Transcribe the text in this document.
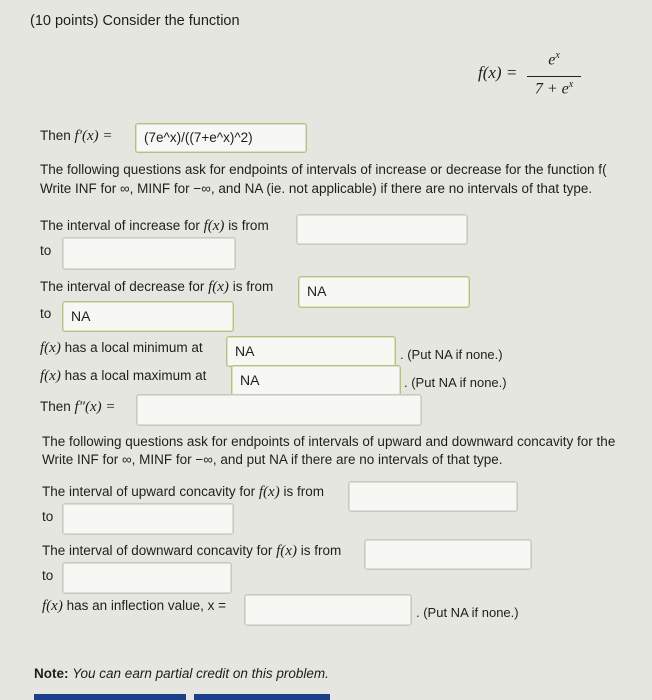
(10 points) Consider the function
f(x) =
$e^x$
$7 + e^x$
Then f′(x) =	(7e^x)/((7+e^x)^2)
The following questions ask for endpoints of intervals of increase or decrease for the function f(
Write INF for ∞, MINF for −∞, and NA (ie. not applicable) if there are no intervals of that type.
The interval of increase for f(x) is from
to
The interval of decrease for f(x) is from	NA
to	NA
f(x) has a local minimum at	NA	. (Put NA if none.)
f(x) has a local maximum at	NA	. (Put NA if none.)
Then f″(x) =
The following questions ask for endpoints of intervals of upward and downward concavity for the
Write INF for ∞, MINF for −∞, and put NA if there are no intervals of that type.
The interval of upward concavity for f(x) is from
to
The interval of downward concavity for f(x) is from
to
f(x) has an inflection value, x =	. (Put NA if none.)
Note: You can earn partial credit on this problem.
